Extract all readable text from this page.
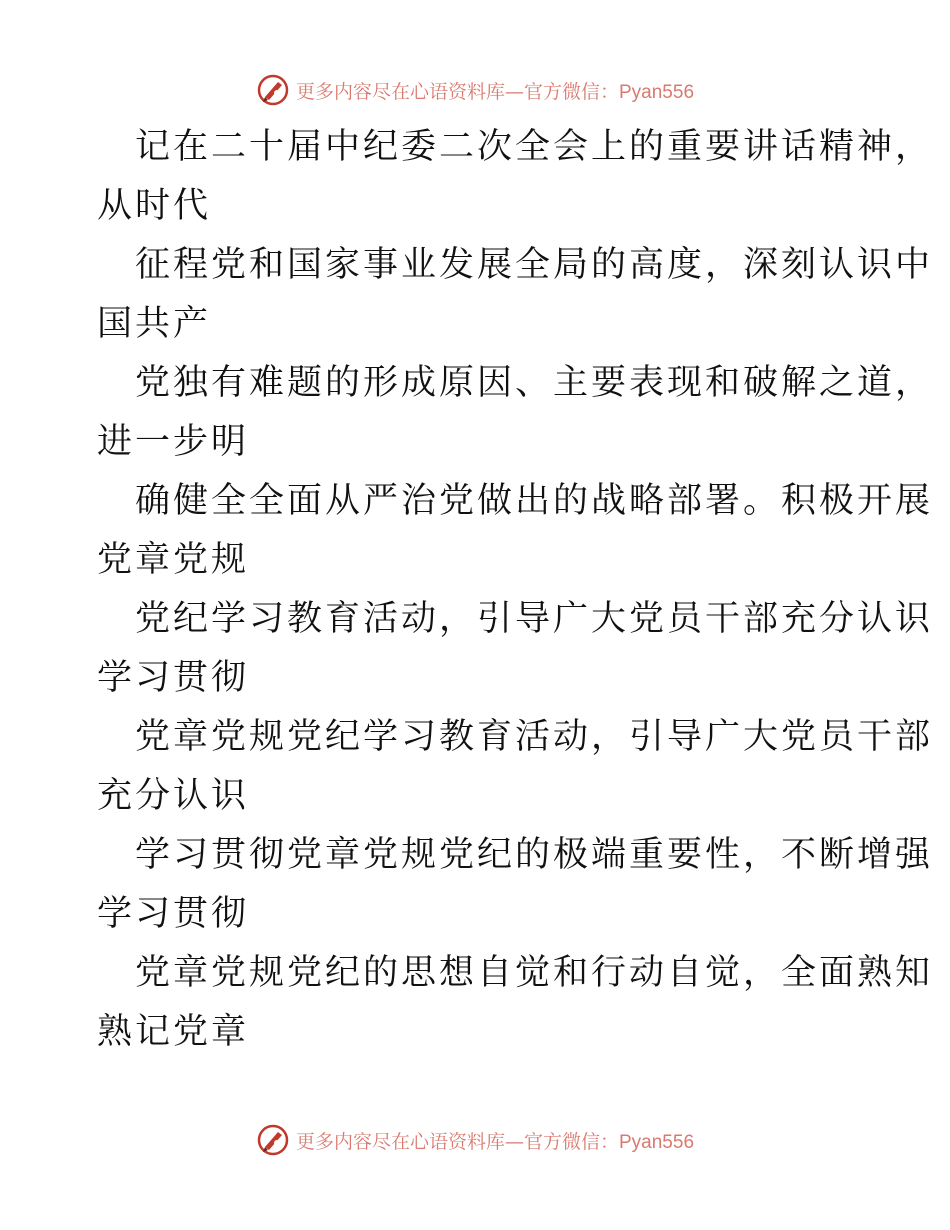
更多内容尽在心语资料库—官方微信：Pyan556

记在二十届中纪委二次全会上的重要讲话精神，
从时代

征程党和国家事业发展全局的高度，深刻认识中
国共产

党独有难题的形成原因、主要表现和破解之道，
进一步明

确健全全面从严治党做出的战略部署。积极开展
党章党规

党纪学习教育活动，引导广大党员干部充分认识
学习贯彻

党章党规党纪学习教育活动，引导广大党员干部
充分认识

学习贯彻党章党规党纪的极端重要性，不断增强
学习贯彻

党章党规党纪的思想自觉和行动自觉，全面熟知
熟记党章

更多内容尽在心语资料库—官方微信：Pyan556
